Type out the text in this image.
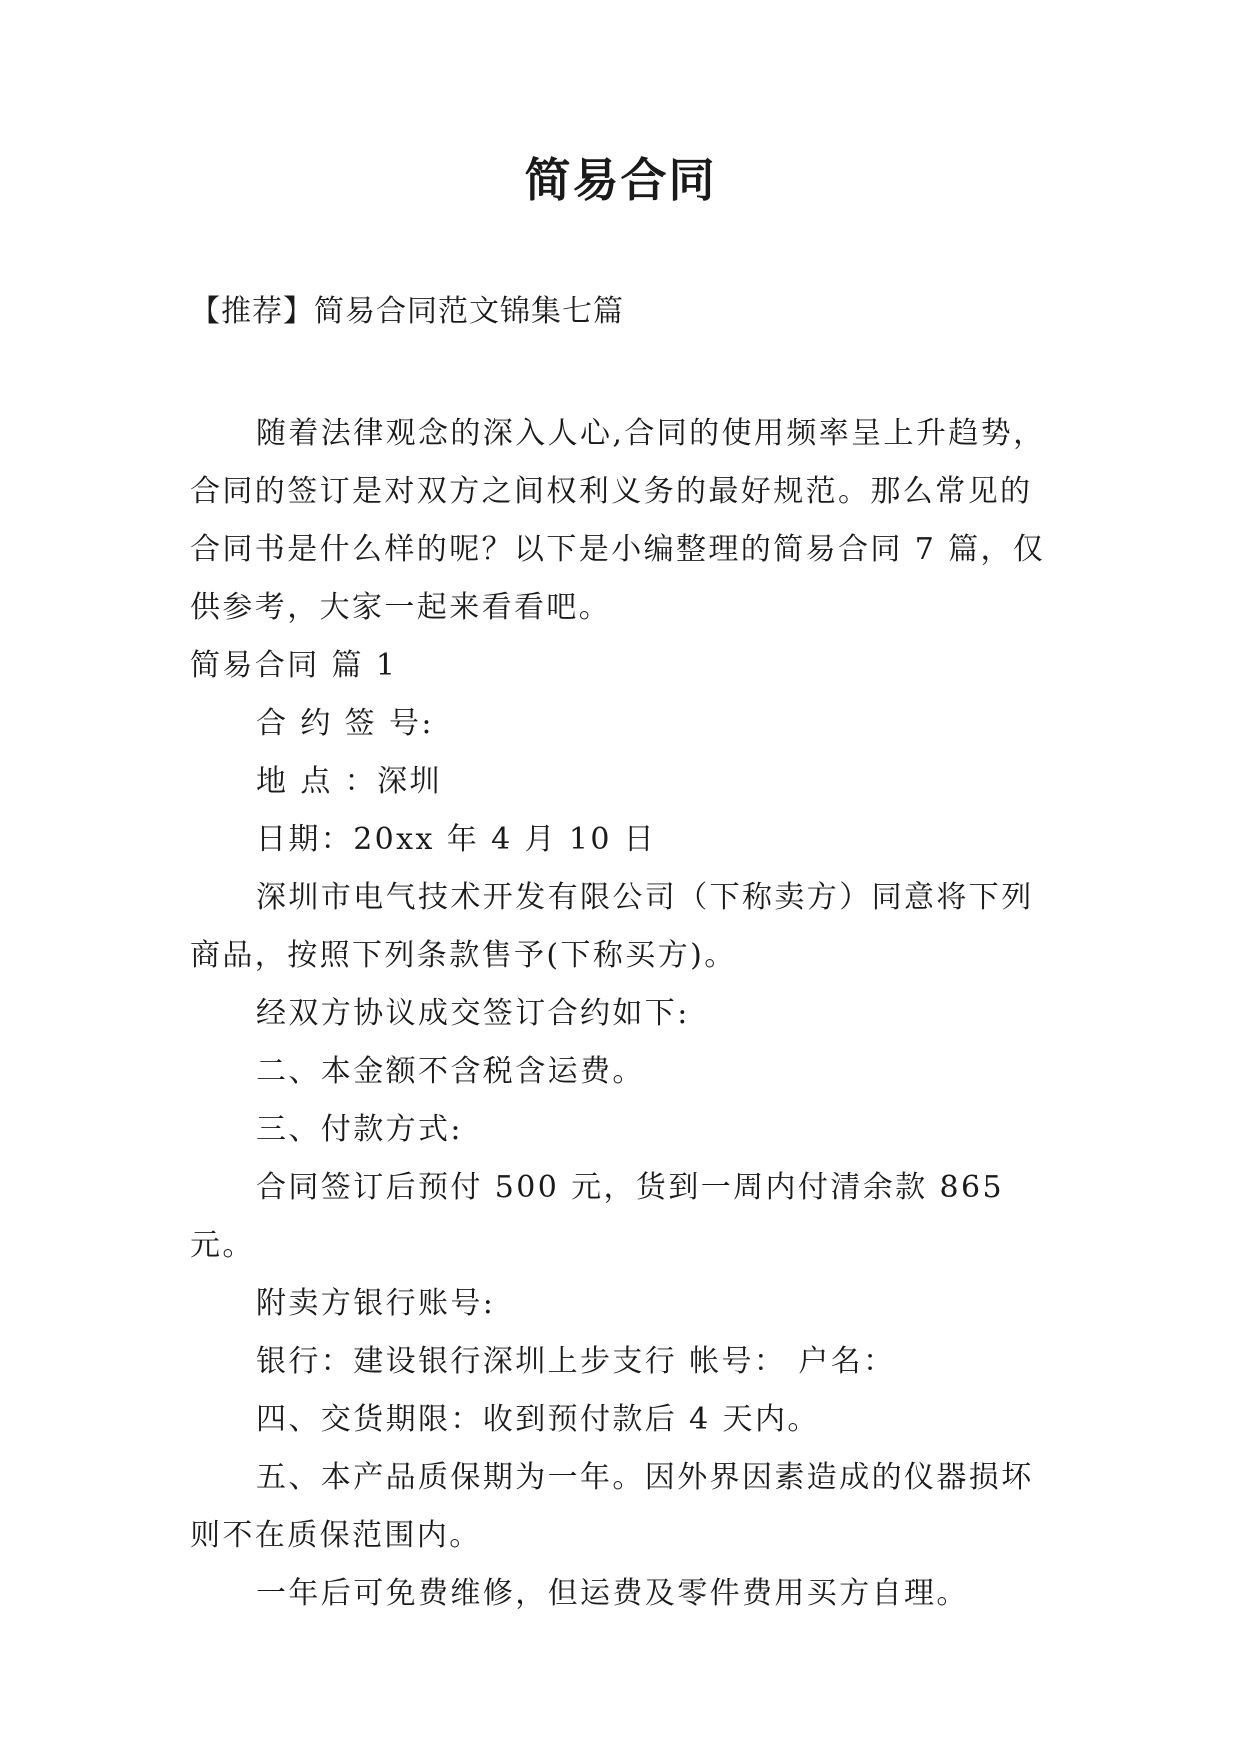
简易合同
【推荐】简易合同范文锦集七篇

随着法律观念的深入人心,合同的使用频率呈上升趋势，

合同的签订是对双方之间权利义务的最好规范。那么常见的

合同书是什么样的呢？以下是小编整理的简易合同 7 篇，仅

供参考，大家一起来看看吧。

简易合同 篇 1

合 约 签 号:

地 点 ：深圳

日期：20xx 年 4 月 10 日

深圳市电气技术开发有限公司（下称卖方）同意将下列

商品，按照下列条款售予(下称买方)。

经双方协议成交签订合约如下:

二、本金额不含税含运费。

三、付款方式:

合同签订后预付 500 元，货到一周内付清余款 865 元。

附卖方银行账号:

银行：建设银行深圳上步支行 帐号： 户名：

四、交货期限：收到预付款后 4 天内。

五、本产品质保期为一年。因外界因素造成的仪器损坏

则不在质保范围内。

一年后可免费维修，但运费及零件费用买方自理。
